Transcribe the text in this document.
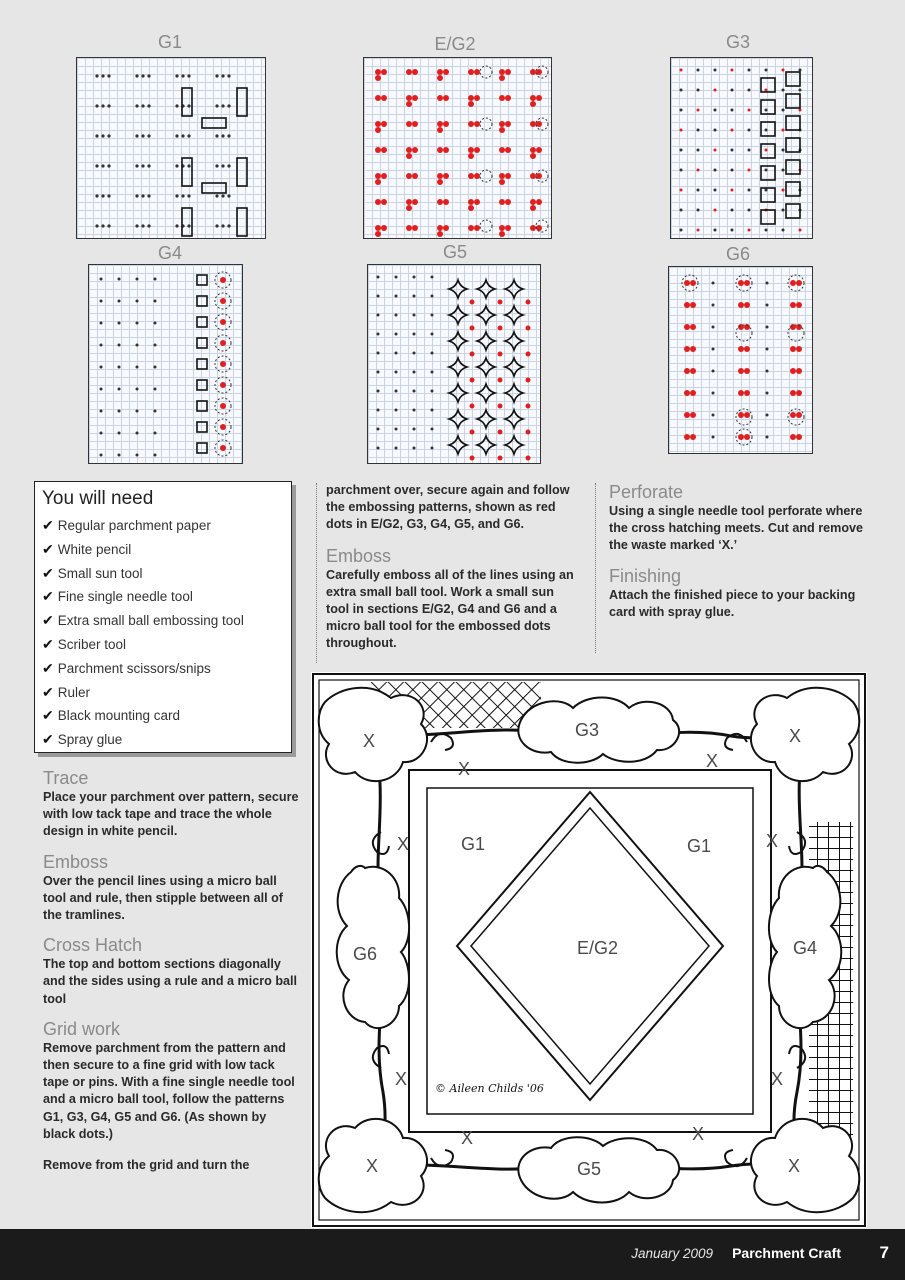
G1	E/G2	G3
G4	G5	G6
You will need
✔ Regular parchment paper
✔ White pencil
✔ Small sun tool
✔ Fine single needle tool
✔ Extra small ball embossing tool
✔ Scriber tool
✔ Parchment scissors/snips
✔ Ruler
✔ Black mounting card
✔ Spray glue

Trace

Place your parchment over pattern, secure with low tack tape and trace the whole design in white pencil.

Emboss

Over the pencil lines using a micro ball tool and rule, then stipple between all of the tramlines.

Cross Hatch

The top and bottom sections diagonally and the sides using a rule and a micro ball tool

Grid work

Remove parchment from the pattern and then secure to a fine grid with low tack tape or pins. With a fine single needle tool and a micro ball tool, follow the patterns G1, G3, G4, G5 and G6. (As shown by black dots.)

Remove from the grid and turn the

parchment over, secure again and follow the embossing patterns, shown as red dots in E/G2, G3, G4, G5, and G6.

Emboss

Carefully emboss all of the lines using an extra small ball tool. Work a small sun tool in sections E/G2, G4 and G6 and a micro ball tool for the embossed dots throughout.

Perforate

Using a single needle tool perforate where the cross hatching meets. Cut and remove the waste marked ‘X.’

Finishing

Attach the finished piece to your backing card with spray glue.

X	X
X	X
X	X
X	X
X	X
X	X
G3
G1	G1
E/G2
G6	G4
G5
© Aileen Childs '06
January 2009 Parchment Craft 7
